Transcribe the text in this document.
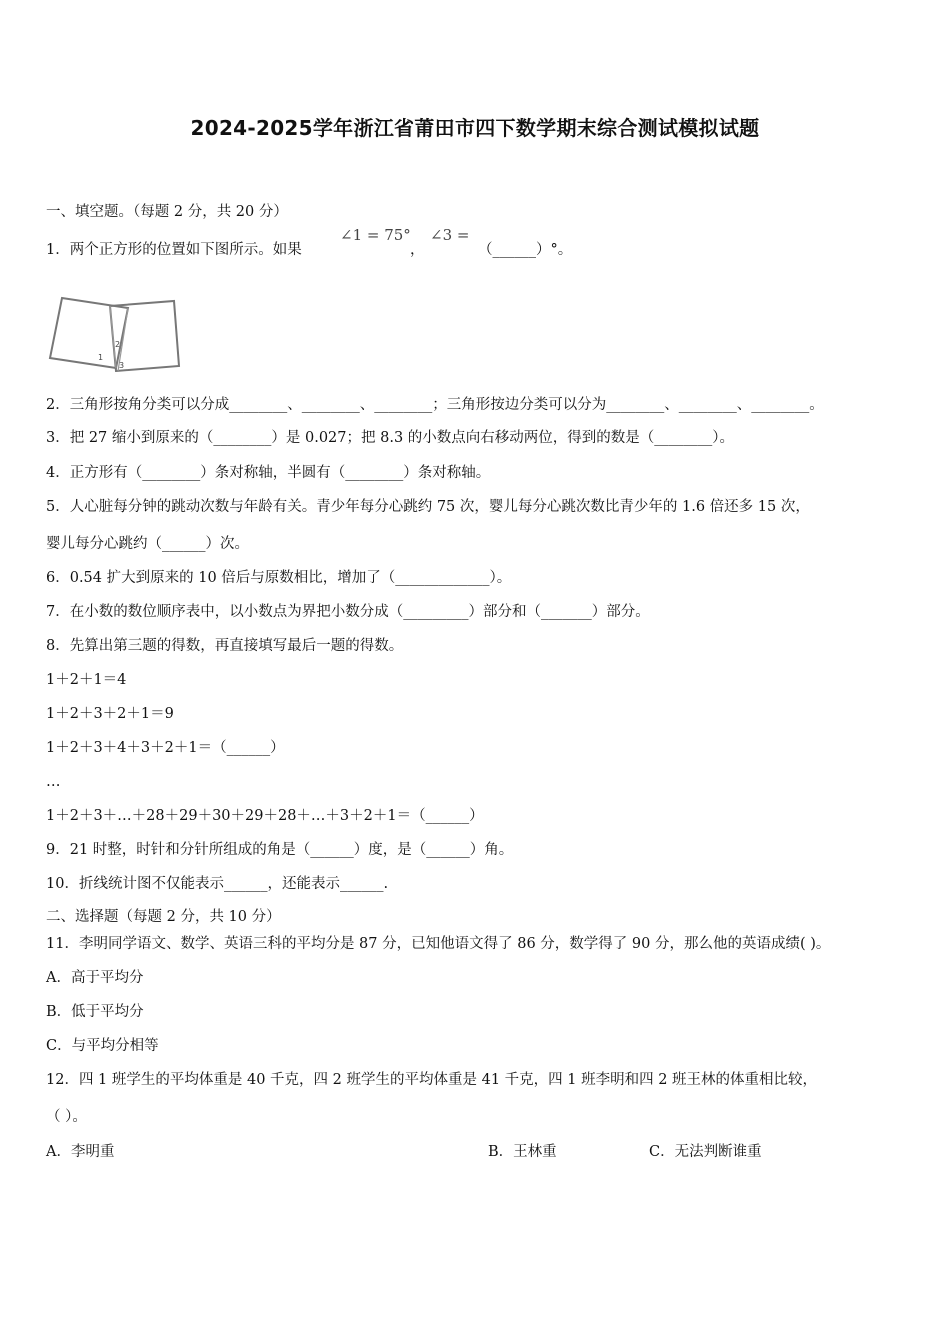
2024-2025学年浙江省莆田市四下数学期末综合测试模拟试题
一、填空题。（每题 2 分，共 20 分）
1．两个正方形的位置如下图所示。如果
∠1 = 75°
，
∠3 =
（______）°。
1
2
3
2．三角形按角分类可以分成________、________、________；三角形按边分类可以分为________、________、________。
3．把 27 缩小到原来的（________）是 0.027；把 8.3 的小数点向右移动两位，得到的数是（________）。
4．正方形有（________）条对称轴，半圆有（________）条对称轴。
5．人心脏每分钟的跳动次数与年龄有关。青少年每分心跳约 75 次，婴儿每分心跳次数比青少年的 1.6 倍还多 15 次，
婴儿每分心跳约（______）次。
6．0.54 扩大到原来的 10 倍后与原数相比，增加了（_____________）。
7．在小数的数位顺序表中，以小数点为界把小数分成（_________）部分和（_______）部分。
8．先算出第三题的得数，再直接填写最后一题的得数。
1＋2＋1＝4
1＋2＋3＋2＋1＝9
1＋2＋3＋4＋3＋2＋1＝（______）
…
1＋2＋3＋…＋28＋29＋30＋29＋28＋…＋3＋2＋1＝（______）
9．21 时整，时针和分针所组成的角是（______）度，是（______）角。
10．折线统计图不仅能表示______，还能表示______.
二、选择题（每题 2 分，共 10 分）
11．李明同学语文、数学、英语三科的平均分是 87 分，已知他语文得了 86 分，数学得了 90 分，那么他的英语成绩( )。
A．高于平均分
B．低于平均分
C．与平均分相等
12．四 1 班学生的平均体重是 40 千克，四 2 班学生的平均体重是 41 千克，四 1 班李明和四 2 班王林的体重相比较，
（ ）。
A．李明重	B．王林重	C．无法判断谁重
